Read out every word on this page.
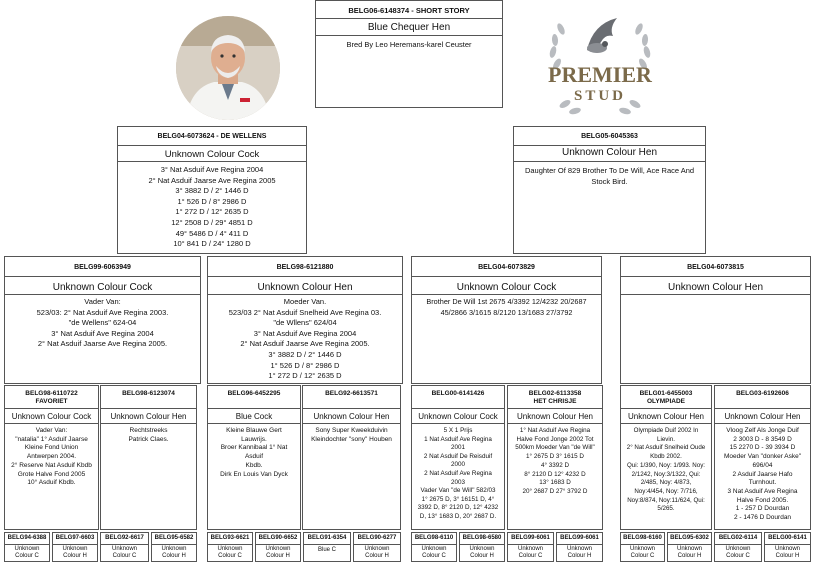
BELG06-6148374 - SHORT STORY
Blue Chequer Hen
Bred By Leo Heremans-karel Ceuster
PREMIER
STUD
BELG04-6073624 - DE WELLENS
Unknown Colour Cock
3° Nat Asduif Ave Regina 2004
2° Nat Asduif Jaarse Ave Regina 2005
3° 3882 D / 2° 1446 D
1° 526 D / 8° 2986 D
1° 272 D / 12° 2635 D
12° 2508 D / 29° 4851 D
49° 5486 D / 4° 411 D
10° 841 D / 24° 1280 D
BELG05-6045363
Unknown Colour Hen
Daughter Of 829 Brother To De Will, Ace Race And Stock Bird.
BELG99-6063949
Unknown Colour Cock
Vader Van:
523/03: 2° Nat Asduif Ave Regina 2003.
"de Wellens" 624-04
3° Nat Asduif Ave Regina 2004
2° Nat Asduif Jaarse Ave Regina 2005.
BELG98-6121880
Unknown Colour Hen
Moeder Van.
523/03 2° Nat Asduif Snelheid Ave Regina 03.
"de Wllens" 624/04
3° Nat Asduif Ave Regina 2004
2° Nat Asduif Jaarse Ave Regina 2005.
3° 3882 D / 2° 1446 D
1° 526 D / 8° 2986 D
1° 272 D / 12° 2635 D
BELG04-6073829
Unknown Colour Cock
Brother De Will 1st 2675 4/3392 12/4232 20/2687
45/2866 3/1615 8/2120 13/1683 27/3792
BELG04-6073815
Unknown Colour Hen
BELG98-6110722
FAVORIET
Unknown Colour Cock
Vader Van:
"natalia" 1° Asduif Jaarse
Kleine Fond Union
Antwerpen 2004.
2° Reserve Nat Asduif Kbdb
Grote Halve Fond 2005
10° Asduif Kbdb.
BELG98-6123074
Unknown Colour Hen
Rechtstreeks
Patrick Claes.
BELG96-6452295
Blue Cock
Kleine Blauwe Gert
Lauwrijs.
Broer Kannibaal 1° Nat
Asduif
Kbdb.
Dirk En Louis Van Dyck
BELG92-6613571
Unknown Colour Hen
Sony Super Kweekduivin
Kleindochter "sony" Houben
BELG00-6141426
Unknown Colour Cock
5 X 1 Prijs
1 Nat Asduif Ave Regina
2001
2 Nat Asduif De Reisduif
2000
2 Nat Asduif Ave Regina
2003
Vader Van "de Will" 582/03
1° 2675 D, 3° 16151 D, 4°
3392 D, 8° 2120 D, 12° 4232
D, 13° 1683 D, 20° 2687 D.
BELG02-6113358
HET CHRISJE
Unknown Colour Hen
1° Nat Asduif Ave Regina
Halve Fond Jonge 2002 Tot
500km Moeder Van "de Will"
1° 2675 D 3° 1615 D
4° 3392 D
8° 2120 D 12° 4232 D
13° 1683 D
20° 2687 D 27° 3792 D
BELG01-6455003
OLYMPIADE
Unknown Colour Hen
Olympiade Duif 2002 In
Lievin.
2° Nat Asduif Snelheid Oude
Kbdb 2002.
Qui: 1/390, Noy: 1/993. Noy:
2/1242, Noy:3/1322, Qui:
2/485, Noy: 4/873,
Noy:4/454, Noy: 7/716,
Noy:8/874, Noy:11/624, Qui:
5/265.
BELG03-6192606
Unknown Colour Hen
Vloog Zelf Als Jonge Duif
2 3003 D - 8 3549 D
15 2270 D - 39 3934 D
Moeder Van "donker Aske"
696/04
2 Asduif Jaarse Hafo
Turnhout.
3 Nat Asduif Ave Regina
Halve Fond 2005.
1 - 257 D Dourdan
2 - 1476 D Dourdan
BELG94-6388
Unknown Colour C
BELG97-6603
Unknown Colour H
BELG92-6617
Unknown Colour C
BELG95-6582
Unknown Colour H
BELG93-6621
Unknown Colour C
BELG90-6652
Unknown Colour H
BELG91-6354
Blue C
BELG90-6277
Unknown Colour H
BELG98-6110
Unknown Colour C
BELG98-6580
Unknown Colour H
BELG99-6061
Unknown Colour C
BELG99-6061
Unknown Colour H
BELG98-6160
Unknown Colour C
BELG95-6302
Unknown Colour H
BELG02-6114
Unknown Colour C
BELG00-6141
Unknown Colour H
